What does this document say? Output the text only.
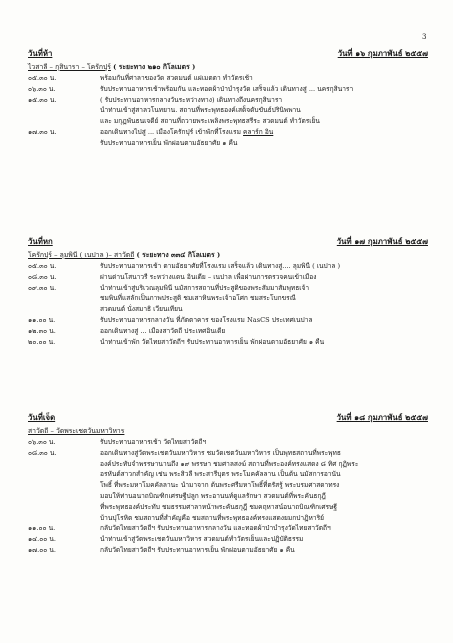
3
วันที่ห้า	วันที่ ๑๖ กุมภาพันธ์ ๒๕๕๗
ไวสาลี – กุสินารา – โครักปุร์ ( ระยะทาง ๒๑๐ กิโลเมตร )
๐๕.๓๐ น.	พร้อมกันที่ศาลาของวัด สวดมนต์ แผ่เมตตา ทำวัตรเช้า
๐๖.๓๐ น.	รับประทานอาหารเช้าพร้อมกัน และทอดผ้าป่าบำรุงวัด เสร็จแล้ว เดินทางสู่ ... นครกุสินารา
๑๕.๓๐ น.	( รับประทานอาหารกลางวันระหว่างทาง) เดินทางถึงนครกุสินารา
นำท่านเข้าสู่สาลวโนทยาน. สถานที่พระพุทธองค์เสด็จดับขันธ์ปรินิพพาน
และ มกุฏพันธนเจดีย์ สถานที่ถวายพระเพลิงพระพุทธสรีระ สวดมนต์ ทำวัตรเย็น
๑๗.๓๐ น.	ออกเดินทางไปสู่ ... เมืองโครักปุร์ เข้าพักที่โรงแรม คลาร์ก อิน
รับประทานอาหารเย็น พักผ่อนตามอัธยาศัย ๑ คืน
วันที่หก	วันที่ ๑๗ กุมภาพันธ์ ๒๕๕๗
โครักปุร์ – ลุมพินี ( เนปาล )– สาวัตถี ( ระยะทาง ๓๓๔ กิโลเมตร )
๐๕.๓๐ น.	รับประทานอาหารเช้า ตามอัธยาศัยที่โรงแรม เสร็จแล้ว เดินทางสู่.... ลุมพินี ( เนปาล )
๐๘.๓๐ น.	ผ่านด่านโสนาวรี ระหว่างแดน อินเดีย – เนปาล เพื่อผ่านการตรวจคนเข้าเมือง
๐๙.๓๐ น.	นำท่านเข้าสู่บริเวณลุมพินี นมัสการสถานที่ประสูติของพระสัมมาสัมพุทธเจ้า
ชมพินที่แสลักเป็นภาพประสูติ ชมเสาหินพระเจ้าอโศก ชมสระโบกขรณี
สวดมนต์ นั่งสมาธิ เวียนเทียน
๑๑.๐๐ น.	รับประทานอาหารกลางวัน ที่ภัตตาคาร ของโรงแรม NasCS ประเทศเนปาล
๑๒.๓๐ น.	ออกเดินทางสู่ ... เมืองสาวัตถี ประเทศอินเดีย
๒๐.๐๐ น.	นำท่านเข้าพัก วัดไทยสาวัตถีฯ รับประทานอาหารเย็น พักผ่อนตามอัธยาศัย ๑ คืน
วันที่เจ็ด	วันที่ ๑๘ กุมภาพันธ์ ๒๕๕๗
สาวัตถี – วัดพระเชตวันมหาวิหาร
๐๖.๓๐ น.	รับประทานอาหารเช้า วัดไทยสาวัตถีฯ
๐๘.๓๐ น.	ออกเดินทางสู่วัดพระเชตวันมหาวิหาร ชมวัดเชตวันมหาวิหาร เป็นพุทธสถานที่พระพุทธ
องค์ประทับจำพรรษานานถึง ๑๙ พรรษา ชมศาลสงฆ์ สถานที่พระองค์ทรงแสดง ๘ ทิศ กุฏิพระ
อรหันต์สาวกสำคัญ เช่น พระสิวลี พระสารีบุตร พระโมคคัลลาน เป็นต้น นมัสการอานัน
โพธิ์ ที่พระมหาโมคคัลลานะ นำมาจาก ต้นพระศรีมหาโพธิ์ที่ตรัสรู้ พระบรมศาสดาทรง
มอบให้ท่านอนาถบิณฑิกเศรษฐีปลูก พระอานนท์ดูแลรักษา สวดมนต์ที่พระคันธกุฎี
ที่พระพุทธองค์ประทับ ชมธรรมศาลาหน้าพระคันธกุฎี ชมคฤหาสน์อนาถบิณฑิกเศรษฐี
บ้านปุโรหิต ชมสถานที่สำคัญคือ ชมสถานที่พระพุทธองค์ทรงแสดงยมกปาฏิหาริย์
๑๑.๐๐ น.	กลับวัดไทยสาวัตถีฯ รับประทานอาหารกลางวัน และทอดผ้าป่าบำรุงวัดไทยสาวัตถีฯ
๑๔.๐๐ น.	นำท่านเข้าสู่วัดพระเชตวันมหาวิหาร สวดมนต์ทำวัตรเย็นและปฏิบัติธรรม
๑๗.๐๐ น.	กลับวัดไทยสาวัตถีฯ รับประทานอาหารเย็น พักผ่อนตามอัธยาศัย ๑ คืน
